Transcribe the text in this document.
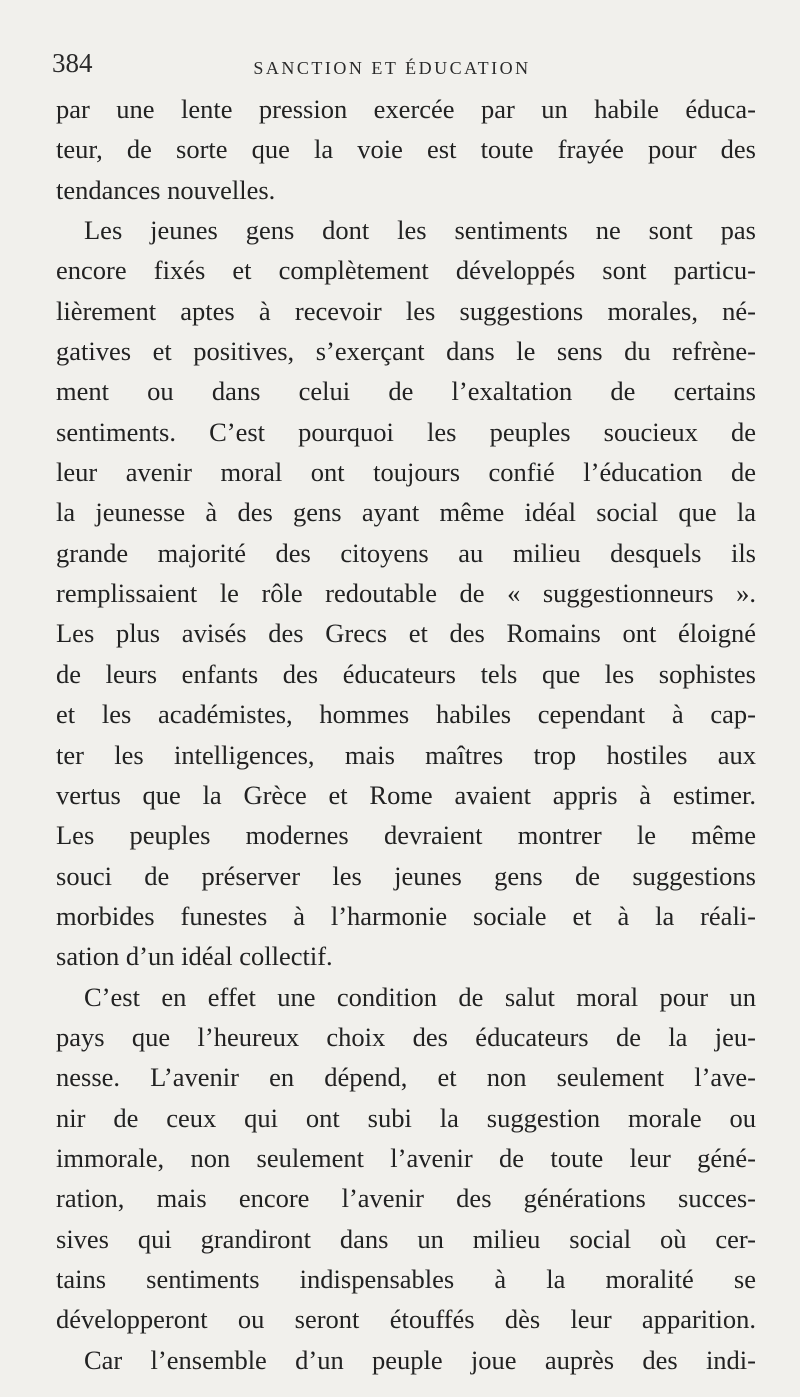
384	SANCTION ET ÉDUCATION
par une lente pression exercée par un habile éduca-
teur, de sorte que la voie est toute frayée pour des
tendances nouvelles.
Les jeunes gens dont les sentiments ne sont pas
encore fixés et complètement développés sont particu-
lièrement aptes à recevoir les suggestions morales, né-
gatives et positives, s’exerçant dans le sens du refrène-
ment ou dans celui de l’exaltation de certains
sentiments. C’est pourquoi les peuples soucieux de
leur avenir moral ont toujours confié l’éducation de
la jeunesse à des gens ayant même idéal social que la
grande majorité des citoyens au milieu desquels ils
remplissaient le rôle redoutable de « suggestionneurs ».
Les plus avisés des Grecs et des Romains ont éloigné
de leurs enfants des éducateurs tels que les sophistes
et les académistes, hommes habiles cependant à cap-
ter les intelligences, mais maîtres trop hostiles aux
vertus que la Grèce et Rome avaient appris à estimer.
Les peuples modernes devraient montrer le même
souci de préserver les jeunes gens de suggestions
morbides funestes à l’harmonie sociale et à la réali-
sation d’un idéal collectif.
C’est en effet une condition de salut moral pour un
pays que l’heureux choix des éducateurs de la jeu-
nesse. L’avenir en dépend, et non seulement l’ave-
nir de ceux qui ont subi la suggestion morale ou
immorale, non seulement l’avenir de toute leur géné-
ration, mais encore l’avenir des générations succes-
sives qui grandiront dans un milieu social où cer-
tains sentiments indispensables à la moralité se
développeront ou seront étouffés dès leur apparition.
Car l’ensemble d’un peuple joue auprès des indi-
